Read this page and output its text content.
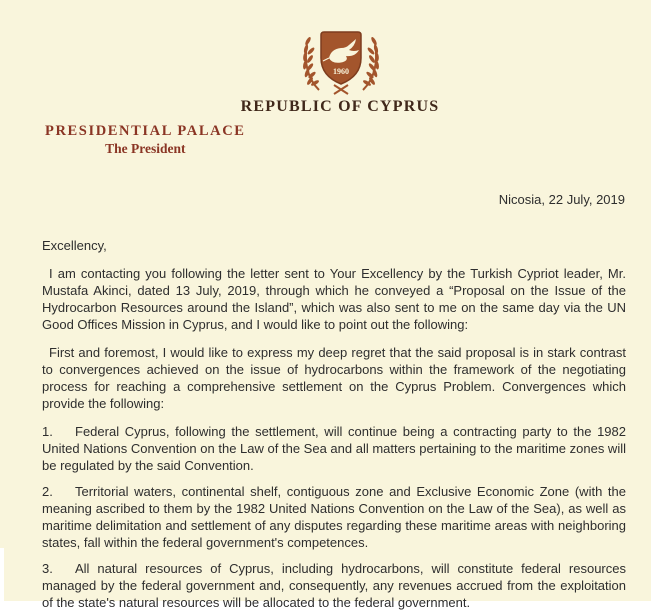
1960
REPUBLIC OF CYPRUS
PRESIDENTIAL PALACE
The President
Nicosia, 22 July, 2019

Excellency,

I am contacting you following the letter sent to Your Excellency by the Turkish Cypriot leader, Mr. Mustafa Akinci, dated 13 July, 2019, through which he conveyed a “Proposal on the Issue of the Hydrocarbon Resources around the Island”, which was also sent to me on the same day via the UN Good Offices Mission in Cyprus, and I would like to point out the following:

First and foremost, I would like to express my deep regret that the said proposal is in stark contrast to convergences achieved on the issue of hydrocarbons within the framework of the negotiating process for reaching a comprehensive settlement on the Cyprus Problem. Convergences which provide the following:

1. Federal Cyprus, following the settlement, will continue being a contracting party to the 1982 United Nations Convention on the Law of the Sea and all matters pertaining to the maritime zones will be regulated by the said Convention.

2. Territorial waters, continental shelf, contiguous zone and Exclusive Economic Zone (with the meaning ascribed to them by the 1982 United Nations Convention on the Law of the Sea), as well as maritime delimitation and settlement of any disputes regarding these maritime areas with neighboring states, fall within the federal government's competences.

3. All natural resources of Cyprus, including hydrocarbons, will constitute federal resources managed by the federal government and, consequently, any revenues accrued from the exploitation of the state's natural resources will be allocated to the federal government.
